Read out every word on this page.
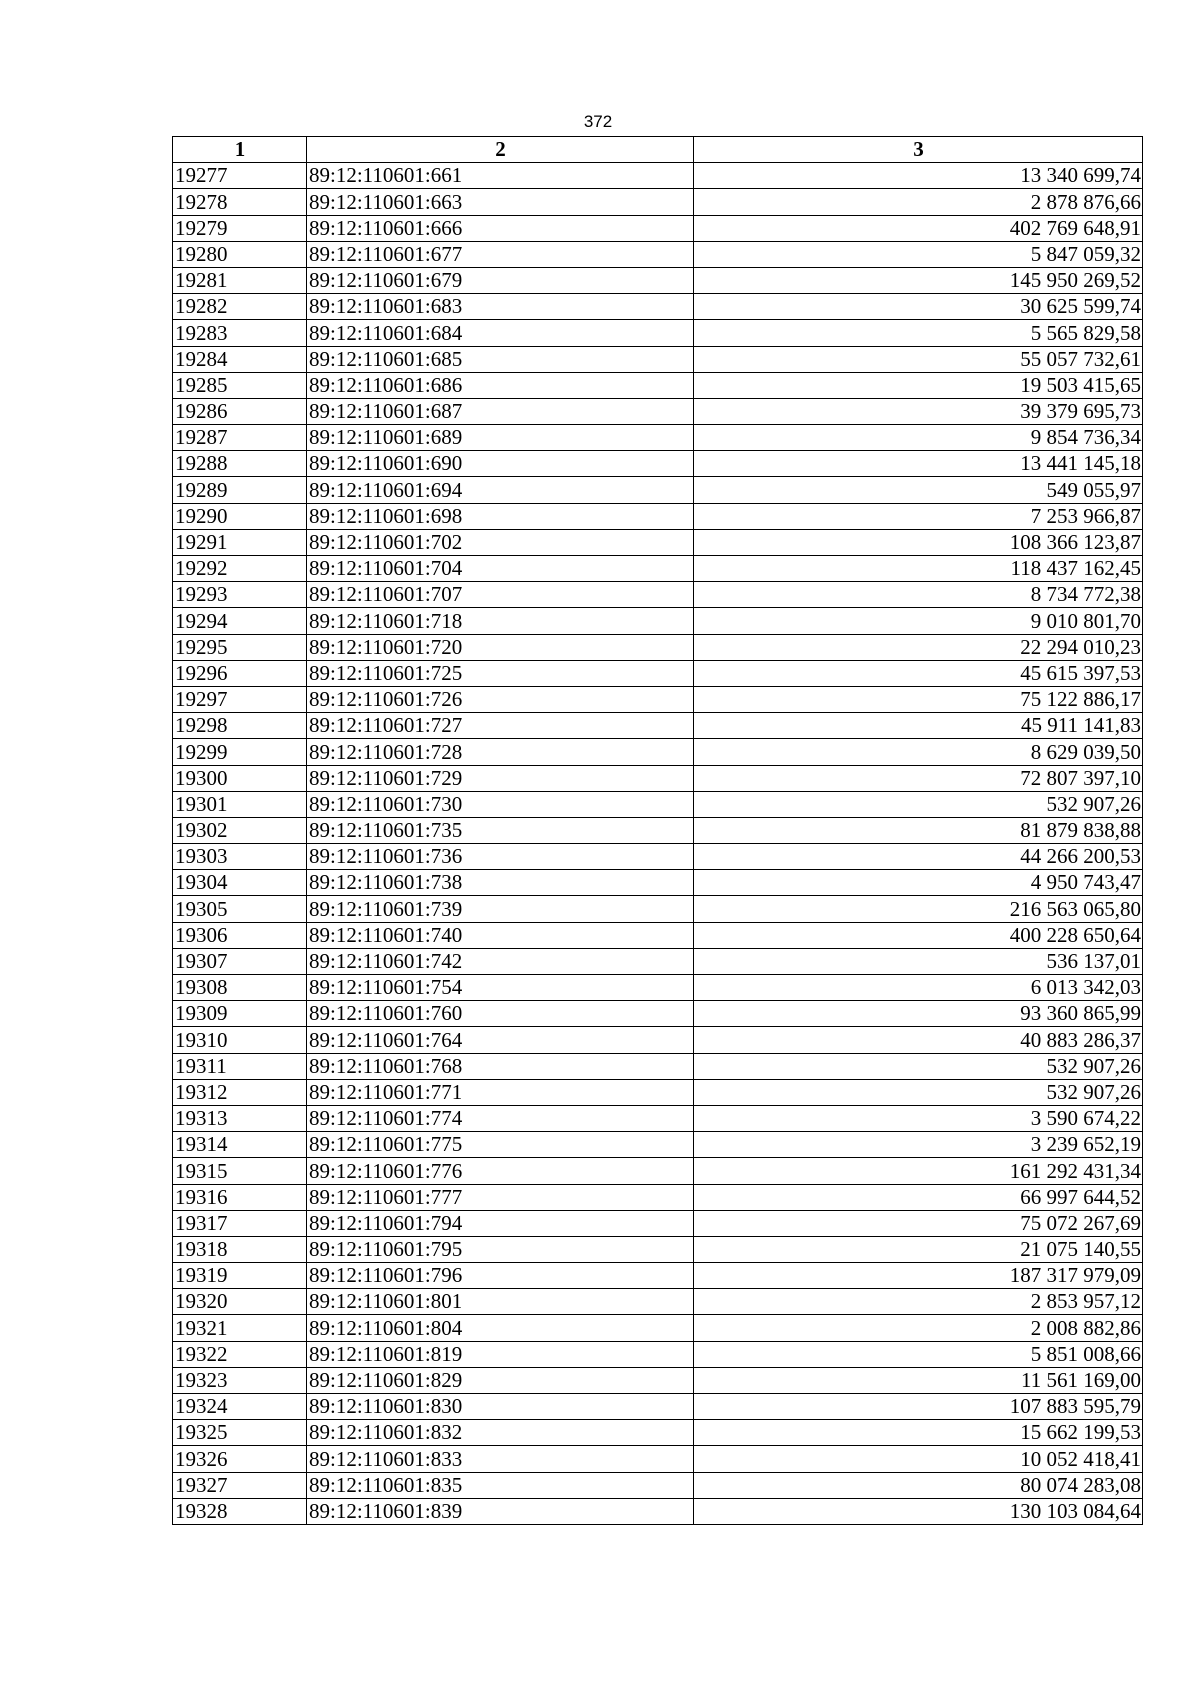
372
1	2	3
19277	89:12:110601:661	13 340 699,74
19278	89:12:110601:663	2 878 876,66
19279	89:12:110601:666	402 769 648,91
19280	89:12:110601:677	5 847 059,32
19281	89:12:110601:679	145 950 269,52
19282	89:12:110601:683	30 625 599,74
19283	89:12:110601:684	5 565 829,58
19284	89:12:110601:685	55 057 732,61
19285	89:12:110601:686	19 503 415,65
19286	89:12:110601:687	39 379 695,73
19287	89:12:110601:689	9 854 736,34
19288	89:12:110601:690	13 441 145,18
19289	89:12:110601:694	549 055,97
19290	89:12:110601:698	7 253 966,87
19291	89:12:110601:702	108 366 123,87
19292	89:12:110601:704	118 437 162,45
19293	89:12:110601:707	8 734 772,38
19294	89:12:110601:718	9 010 801,70
19295	89:12:110601:720	22 294 010,23
19296	89:12:110601:725	45 615 397,53
19297	89:12:110601:726	75 122 886,17
19298	89:12:110601:727	45 911 141,83
19299	89:12:110601:728	8 629 039,50
19300	89:12:110601:729	72 807 397,10
19301	89:12:110601:730	532 907,26
19302	89:12:110601:735	81 879 838,88
19303	89:12:110601:736	44 266 200,53
19304	89:12:110601:738	4 950 743,47
19305	89:12:110601:739	216 563 065,80
19306	89:12:110601:740	400 228 650,64
19307	89:12:110601:742	536 137,01
19308	89:12:110601:754	6 013 342,03
19309	89:12:110601:760	93 360 865,99
19310	89:12:110601:764	40 883 286,37
19311	89:12:110601:768	532 907,26
19312	89:12:110601:771	532 907,26
19313	89:12:110601:774	3 590 674,22
19314	89:12:110601:775	3 239 652,19
19315	89:12:110601:776	161 292 431,34
19316	89:12:110601:777	66 997 644,52
19317	89:12:110601:794	75 072 267,69
19318	89:12:110601:795	21 075 140,55
19319	89:12:110601:796	187 317 979,09
19320	89:12:110601:801	2 853 957,12
19321	89:12:110601:804	2 008 882,86
19322	89:12:110601:819	5 851 008,66
19323	89:12:110601:829	11 561 169,00
19324	89:12:110601:830	107 883 595,79
19325	89:12:110601:832	15 662 199,53
19326	89:12:110601:833	10 052 418,41
19327	89:12:110601:835	80 074 283,08
19328	89:12:110601:839	130 103 084,64
